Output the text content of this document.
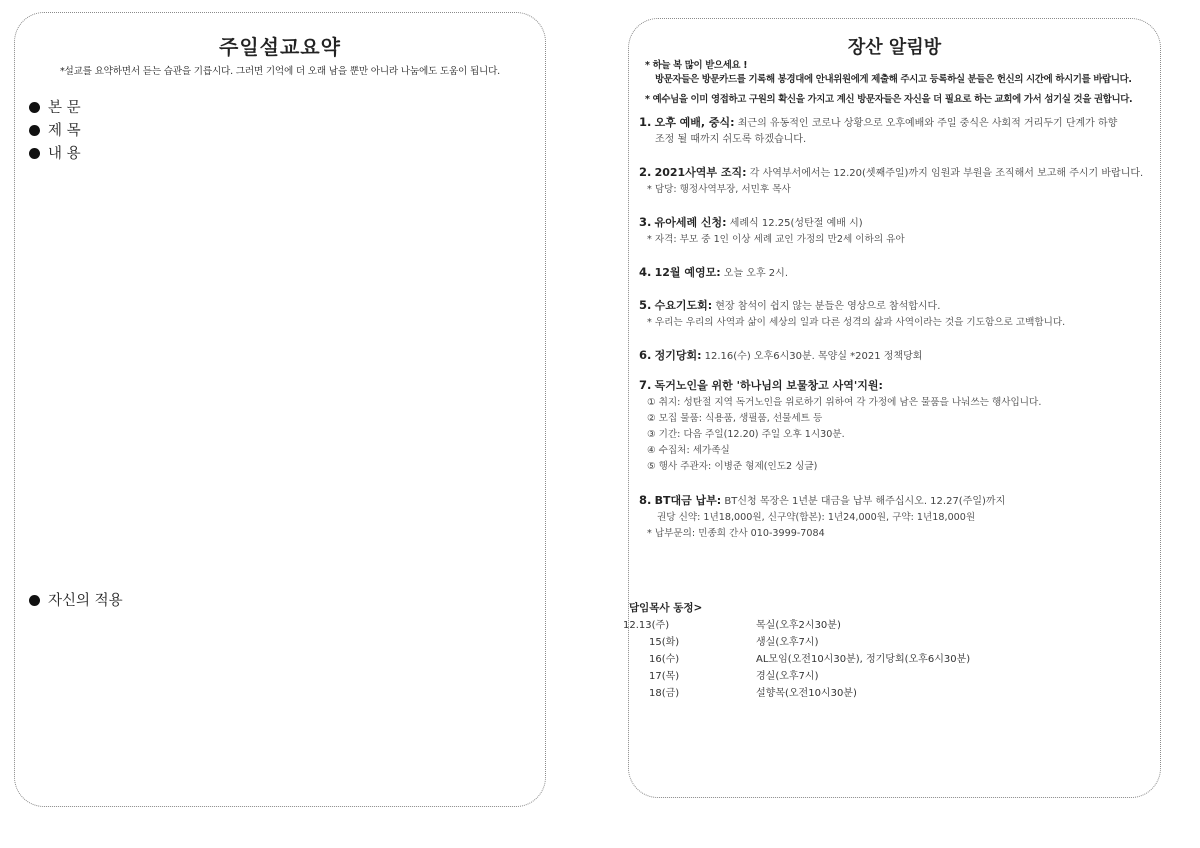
주일설교요약
*설교를 요약하면서 듣는 습관을 기릅시다. 그러면 기억에 더 오래 남을 뿐만 아니라 나눔에도 도움이 됩니다.
본 문
제 목
내 용
자신의 적용
장산 알림방
* 하늘 복 많이 받으세요 !
방문자들은 방문카드를 기록해 봉경대에 안내위원에게 제출해 주시고 등록하실 분들은 헌신의 시간에 하시기를 바랍니다.
* 예수님을 이미 영접하고 구원의 확신을 가지고 계신 방문자들은 자신을 더 필요로 하는 교회에 가서 섬기실 것을 권합니다.
1. 오후 예배, 중식: 최근의 유동적인 코로나 상황으로 오후예배와 주일 중식은 사회적 거리두기 단계가 하향
조정 될 때까지 쉬도록 하겠습니다.
2. 2021사역부 조직: 각 사역부서에서는 12.20(셋째주일)까지 임원과 부원을 조직해서 보고해 주시기 바랍니다.
* 담당: 행정사역부장, 서민후 목사
3. 유아세례 신청: 세례식 12.25(성탄절 예배 시)
* 자격: 부모 중 1인 이상 세례 교인 가정의 만2세 이하의 유아
4. 12월 예영모: 오늘 오후 2시.
5. 수요기도회: 현장 참석이 쉽지 않는 분들은 영상으로 참석합시다.
* 우리는 우리의 사역과 삶이 세상의 일과 다른 성격의 삶과 사역이라는 것을 기도함으로 고백합니다.
6. 정기당회: 12.16(수) 오후6시30분. 목양실 *2021 정책당회
7. 독거노인을 위한 '하나님의 보물창고 사역'지원:
① 취지: 성탄절 지역 독거노인을 위로하기 위하여 각 가정에 남은 물품을 나눠쓰는 행사입니다.
② 모집 물품: 식용품, 생필품, 선물세트 등
③ 기간: 다음 주일(12.20) 주일 오후 1시30분.
④ 수집처: 세가족실
⑤ 행사 주관자: 이병준 형제(인도2 싱글)
8. BT대금 납부: BT신청 목장은 1년분 대금을 납부 해주십시오. 12.27(주일)까지
권당 신약: 1년18,000원, 신구약(합본): 1년24,000원, 구약: 1년18,000원
* 납부문의: 민종희 간사 010-3999-7084
담임목사 동정>
12.13(주)	목실(오후2시30분)
15(화)	생실(오후7시)
16(수)	AL모임(오전10시30분), 정기당회(오후6시30분)
17(목)	경실(오후7시)
18(금)	설향목(오전10시30분)
